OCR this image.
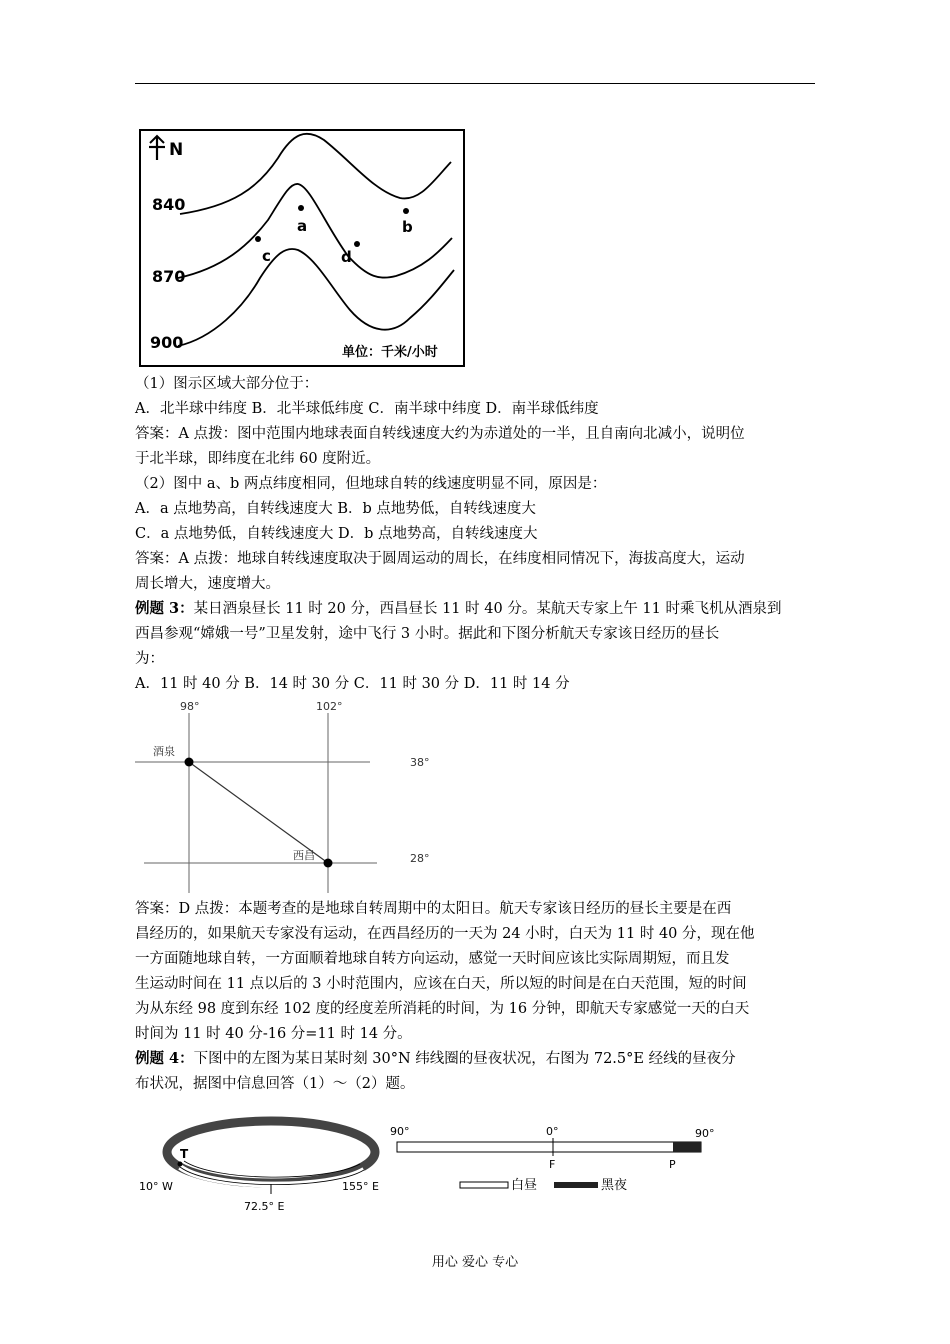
N
840
870
900
a	b
c	d
单位：千米/小时
（1）图示区域大部分位于：
A．北半球中纬度 B．北半球低纬度 C．南半球中纬度 D．南半球低纬度
答案：A 点拨：图中范围内地球表面自转线速度大约为赤道处的一半，且自南向北减小，说明位
于北半球，即纬度在北纬 60 度附近。
（2）图中 a、b 两点纬度相同，但地球自转的线速度明显不同，原因是：
A．a 点地势高，自转线速度大 B．b 点地势低，自转线速度大
C．a 点地势低，自转线速度大 D．b 点地势高，自转线速度大
答案：A 点拨：地球自转线速度取决于圆周运动的周长，在纬度相同情况下，海拔高度大，运动
周长增大，速度增大。
例题 3：某日酒泉昼长 11 时 20 分，西昌昼长 11 时 40 分。某航天专家上午 11 时乘飞机从酒泉到
西昌参观“嫦娥一号”卫星发射，途中飞行 3 小时。据此和下图分析航天专家该日经历的昼长
为：
A．11 时 40 分 B．14 时 30 分 C．11 时 30 分 D．11 时 14 分
98°	102°
38°
28°
酒泉
西昌
答案：D 点拨：本题考查的是地球自转周期中的太阳日。航天专家该日经历的昼长主要是在西
昌经历的，如果航天专家没有运动，在西昌经历的一天为 24 小时，白天为 11 时 40 分，现在他
一方面随地球自转，一方面顺着地球自转方向运动，感觉一天时间应该比实际周期短，而且发
生运动时间在 11 点以后的 3 小时范围内，应该在白天，所以短的时间是在白天范围，短的时间
为从东经 98 度到东经 102 度的经度差所消耗的时间，为 16 分钟，即航天专家感觉一天的白天
时间为 11 时 40 分-16 分=11 时 14 分。
例题 4：下图中的左图为某日某时刻 30°N 纬线圈的昼夜状况，右图为 72.5°E 经线的昼夜分
布状况，据图中信息回答（1）～（2）题。
T
10° W	155° E
72.5° E
90°	0°	90°
F	P
白昼	黑夜
用心 爱心 专心
